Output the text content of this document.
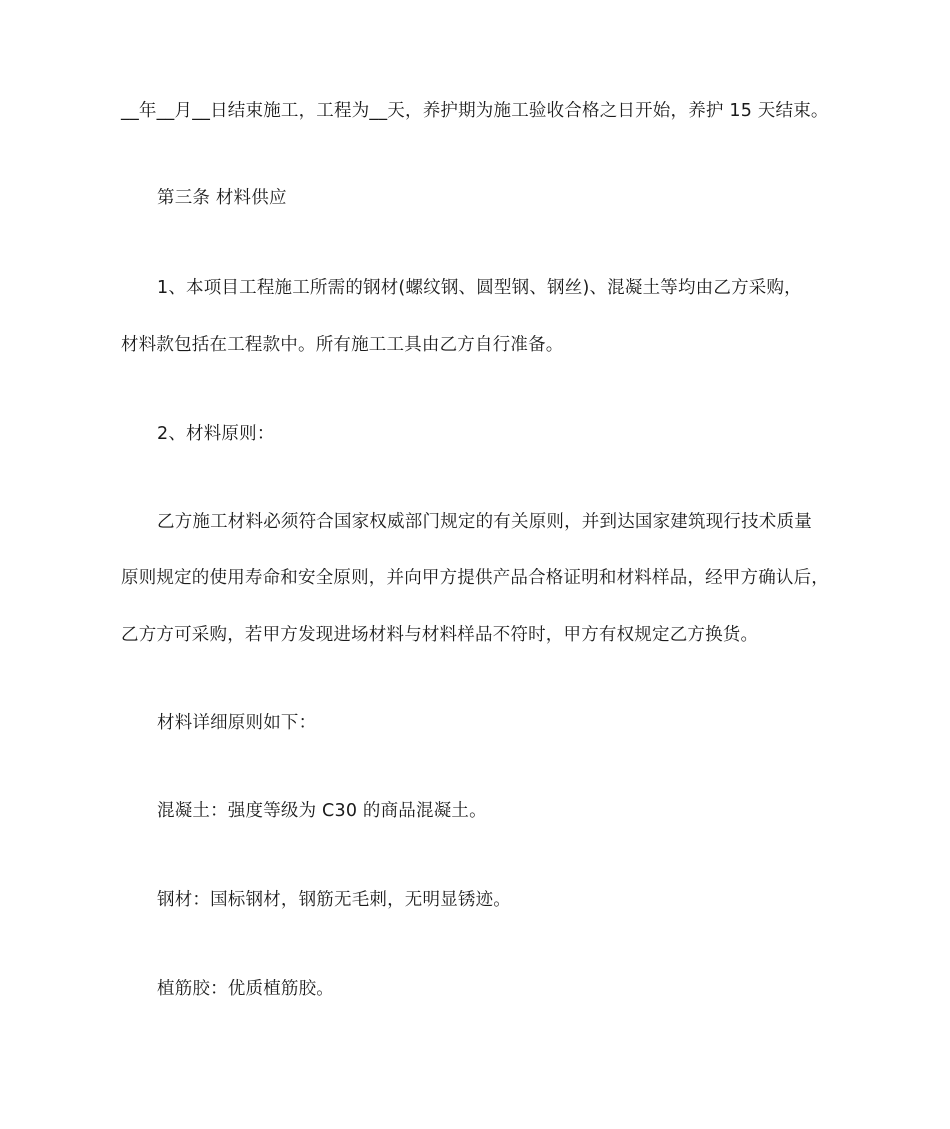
__年__月__日结束施工，工程为__天，养护期为施工验收合格之日开始，养护 15 天结束。
第三条 材料供应
1、本项目工程施工所需的钢材(螺纹钢、圆型钢、钢丝)、混凝土等均由乙方采购，
材料款包括在工程款中。所有施工工具由乙方自行准备。
2、材料原则：
乙方施工材料必须符合国家权威部门规定的有关原则，并到达国家建筑现行技术质量
原则规定的使用寿命和安全原则，并向甲方提供产品合格证明和材料样品，经甲方确认后，
乙方方可采购，若甲方发现进场材料与材料样品不符时，甲方有权规定乙方换货。
材料详细原则如下：
混凝土：强度等级为 C30 的商品混凝土。
钢材：国标钢材，钢筋无毛刺，无明显锈迹。
植筋胶：优质植筋胶。
